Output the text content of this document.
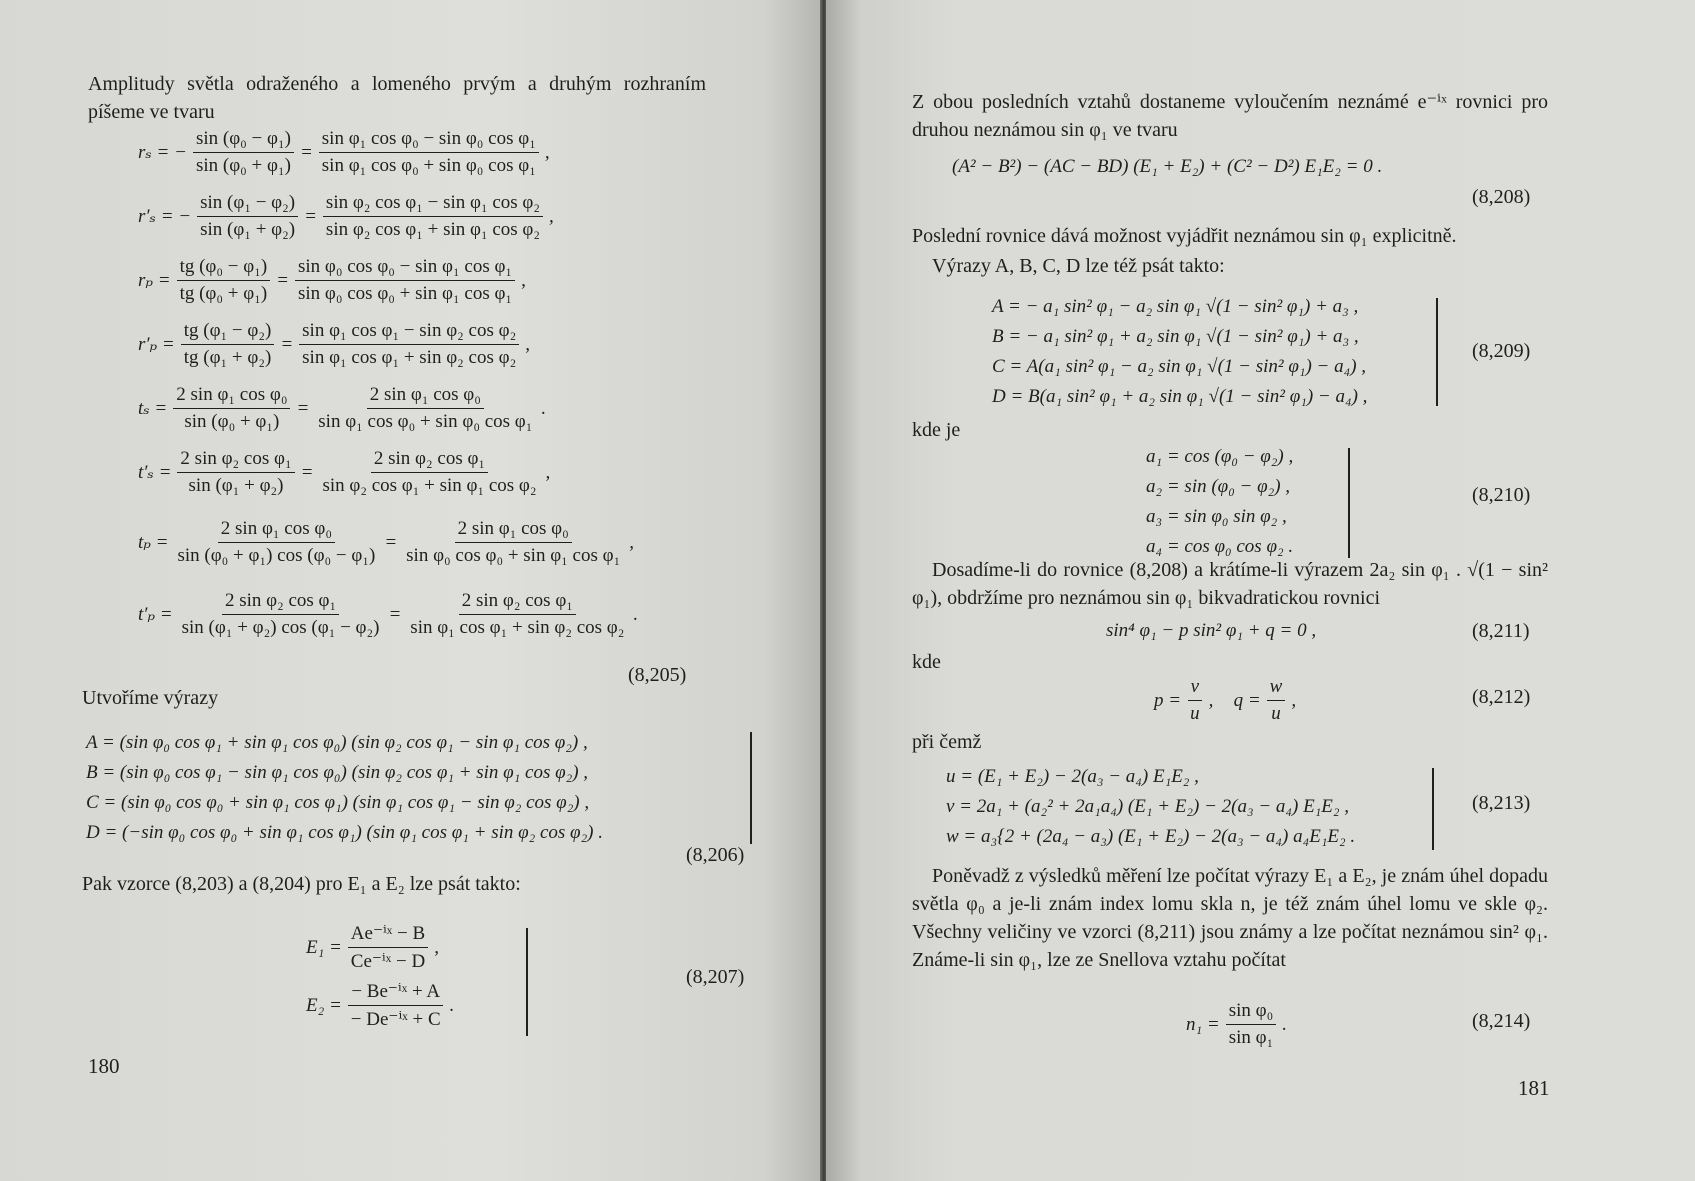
Amplitudy světla odraženého a lomeného prvým a druhým rozhraním píšeme ve tvaru

rₛ = − $\frac{\text{sin (φ₀ − φ₁)}}{\text{sin (φ₀ + φ₁)}} = \frac{\text{sin φ₁ cos φ₀ − sin φ₀ cos φ₁}}{\text{sin φ₁ cos φ₀ + sin φ₀ cos φ₁}}$ ,
r′ₛ = − $\frac{\text{sin (φ₁ − φ₂)}}{\text{sin (φ₁ + φ₂)}} = \frac{\text{sin φ₂ cos φ₁ − sin φ₁ cos φ₂}}{\text{sin φ₂ cos φ₁ + sin φ₁ cos φ₂}}$ ,
$r_p = \frac{\text{tg (φ₀ − φ₁)}}{\text{tg (φ₀ + φ₁)}} = \frac{\text{sin φ₀ cos φ₀ − sin φ₁ cos φ₁}}{\text{sin φ₀ cos φ₀ + sin φ₁ cos φ₁}}$ ,
$r'_p = \frac{\text{tg (φ₁ − φ₂)}}{\text{tg (φ₁ + φ₂)}} = \frac{\text{sin φ₁ cos φ₁ − sin φ₂ cos φ₂}}{\text{sin φ₁ cos φ₁ + sin φ₂ cos φ₂}}$ ,
$t_s = \frac{\text{2 sin φ₁ cos φ₀}}{\text{sin (φ₀ + φ₁)}} = \frac{\text{2 sin φ₁ cos φ₀}}{\text{sin φ₁ cos φ₀ + sin φ₀ cos φ₁}}$ .
$t'_s = \frac{\text{2 sin φ₂ cos φ₁}}{\text{sin (φ₁ + φ₂)}} = \frac{\text{2 sin φ₂ cos φ₁}}{\text{sin φ₂ cos φ₁ + sin φ₁ cos φ₂}}$ ,
$t_p = \frac{\text{2 sin φ₁ cos φ₀}}{\text{sin (φ₀ + φ₁) cos (φ₀ − φ₁)}} = \frac{\text{2 sin φ₁ cos φ₀}}{\text{sin φ₀ cos φ₀ + sin φ₁ cos φ₁}}$ ,
$t'_p = \frac{\text{2 sin φ₂ cos φ₁}}{\text{sin (φ₁ + φ₂) cos (φ₁ − φ₂)}} = \frac{\text{2 sin φ₂ cos φ₁}}{\text{sin φ₁ cos φ₁ + sin φ₂ cos φ₂}}$ .
(8,205)

Utvoříme výrazy

A = (sin φ₀ cos φ₁ + sin φ₁ cos φ₀) (sin φ₂ cos φ₁ − sin φ₁ cos φ₂) ,
B = (sin φ₀ cos φ₁ − sin φ₁ cos φ₀) (sin φ₂ cos φ₁ + sin φ₁ cos φ₂) ,
C = (sin φ₀ cos φ₀ + sin φ₁ cos φ₁) (sin φ₁ cos φ₁ − sin φ₂ cos φ₂) ,
D = (−sin φ₀ cos φ₀ + sin φ₁ cos φ₁) (sin φ₁ cos φ₁ + sin φ₂ cos φ₂) .
(8,206)

Pak vzorce (8,203) a (8,204) pro E₁ a E₂ lze psát takto:

$E_1 = \frac{\text{Ae⁻ⁱˣ − B}}{\text{Ce⁻ⁱˣ − D}}$ ,
$E_2 = \frac{\text{− Be⁻ⁱˣ + A}}{\text{− De⁻ⁱˣ + C}}$ .
(8,207)
180

Z obou posledních vztahů dostaneme vyloučením neznámé e⁻ⁱˣ rovnici pro druhou neznámou sin φ₁ ve tvaru

(A² − B²) − (AC − BD) (E₁ + E₂) + (C² − D²) E₁E₂ = 0 .
(8,208)

Poslední rovnice dává možnost vyjádřit neznámou sin φ₁ explicitně.

Výrazy A, B, C, D lze též psát takto:

A = − a₁ sin² φ₁ − a₂ sin φ₁ √(1 − sin² φ₁) + a₃ ,
B = − a₁ sin² φ₁ + a₂ sin φ₁ √(1 − sin² φ₁) + a₃ ,
C = A(a₁ sin² φ₁ − a₂ sin φ₁ √(1 − sin² φ₁) − a₄) ,
D = B(a₁ sin² φ₁ + a₂ sin φ₁ √(1 − sin² φ₁) − a₄) ,
(8,209)

kde je

a₁ = cos (φ₀ − φ₂) ,
a₂ = sin (φ₀ − φ₂) ,
a₃ = sin φ₀ sin φ₂ ,
a₄ = cos φ₀ cos φ₂ .
(8,210)

Dosadíme-li do rovnice (8,208) a krátíme-li výrazem 2a₂ sin φ₁ . √(1 − sin² φ₁), obdržíme pro neznámou sin φ₁ bikvadratickou rovnici

sin⁴ φ₁ − p sin² φ₁ + q = 0 ,	(8,211)

kde

$p = \frac{v}{u}$ , $q = \frac{w}{u}$ ,	(8,212)

při čemž

u = (E₁ + E₂) − 2(a₃ − a₄) E₁E₂ ,
v = 2a₁ + (a₂² + 2a₁a₄) (E₁ + E₂) − 2(a₃ − a₄) E₁E₂ ,
w = a₃{2 + (2a₄ − a₃) (E₁ + E₂) − 2(a₃ − a₄) a₄E₁E₂ .
(8,213)

Poněvadž z výsledků měření lze počítat výrazy E₁ a E₂, je znám úhel dopadu světla φ₀ a je-li znám index lomu skla n, je též znám úhel lomu ve skle φ₂. Všechny veličiny ve vzorci (8,211) jsou známy a lze počítat neznámou sin² φ₁. Známe-li sin φ₁, lze ze Snellova vztahu počítat

$n_1 = \frac{\text{sin φ₀}}{\text{sin φ₁}}$ .	(8,214)
181
